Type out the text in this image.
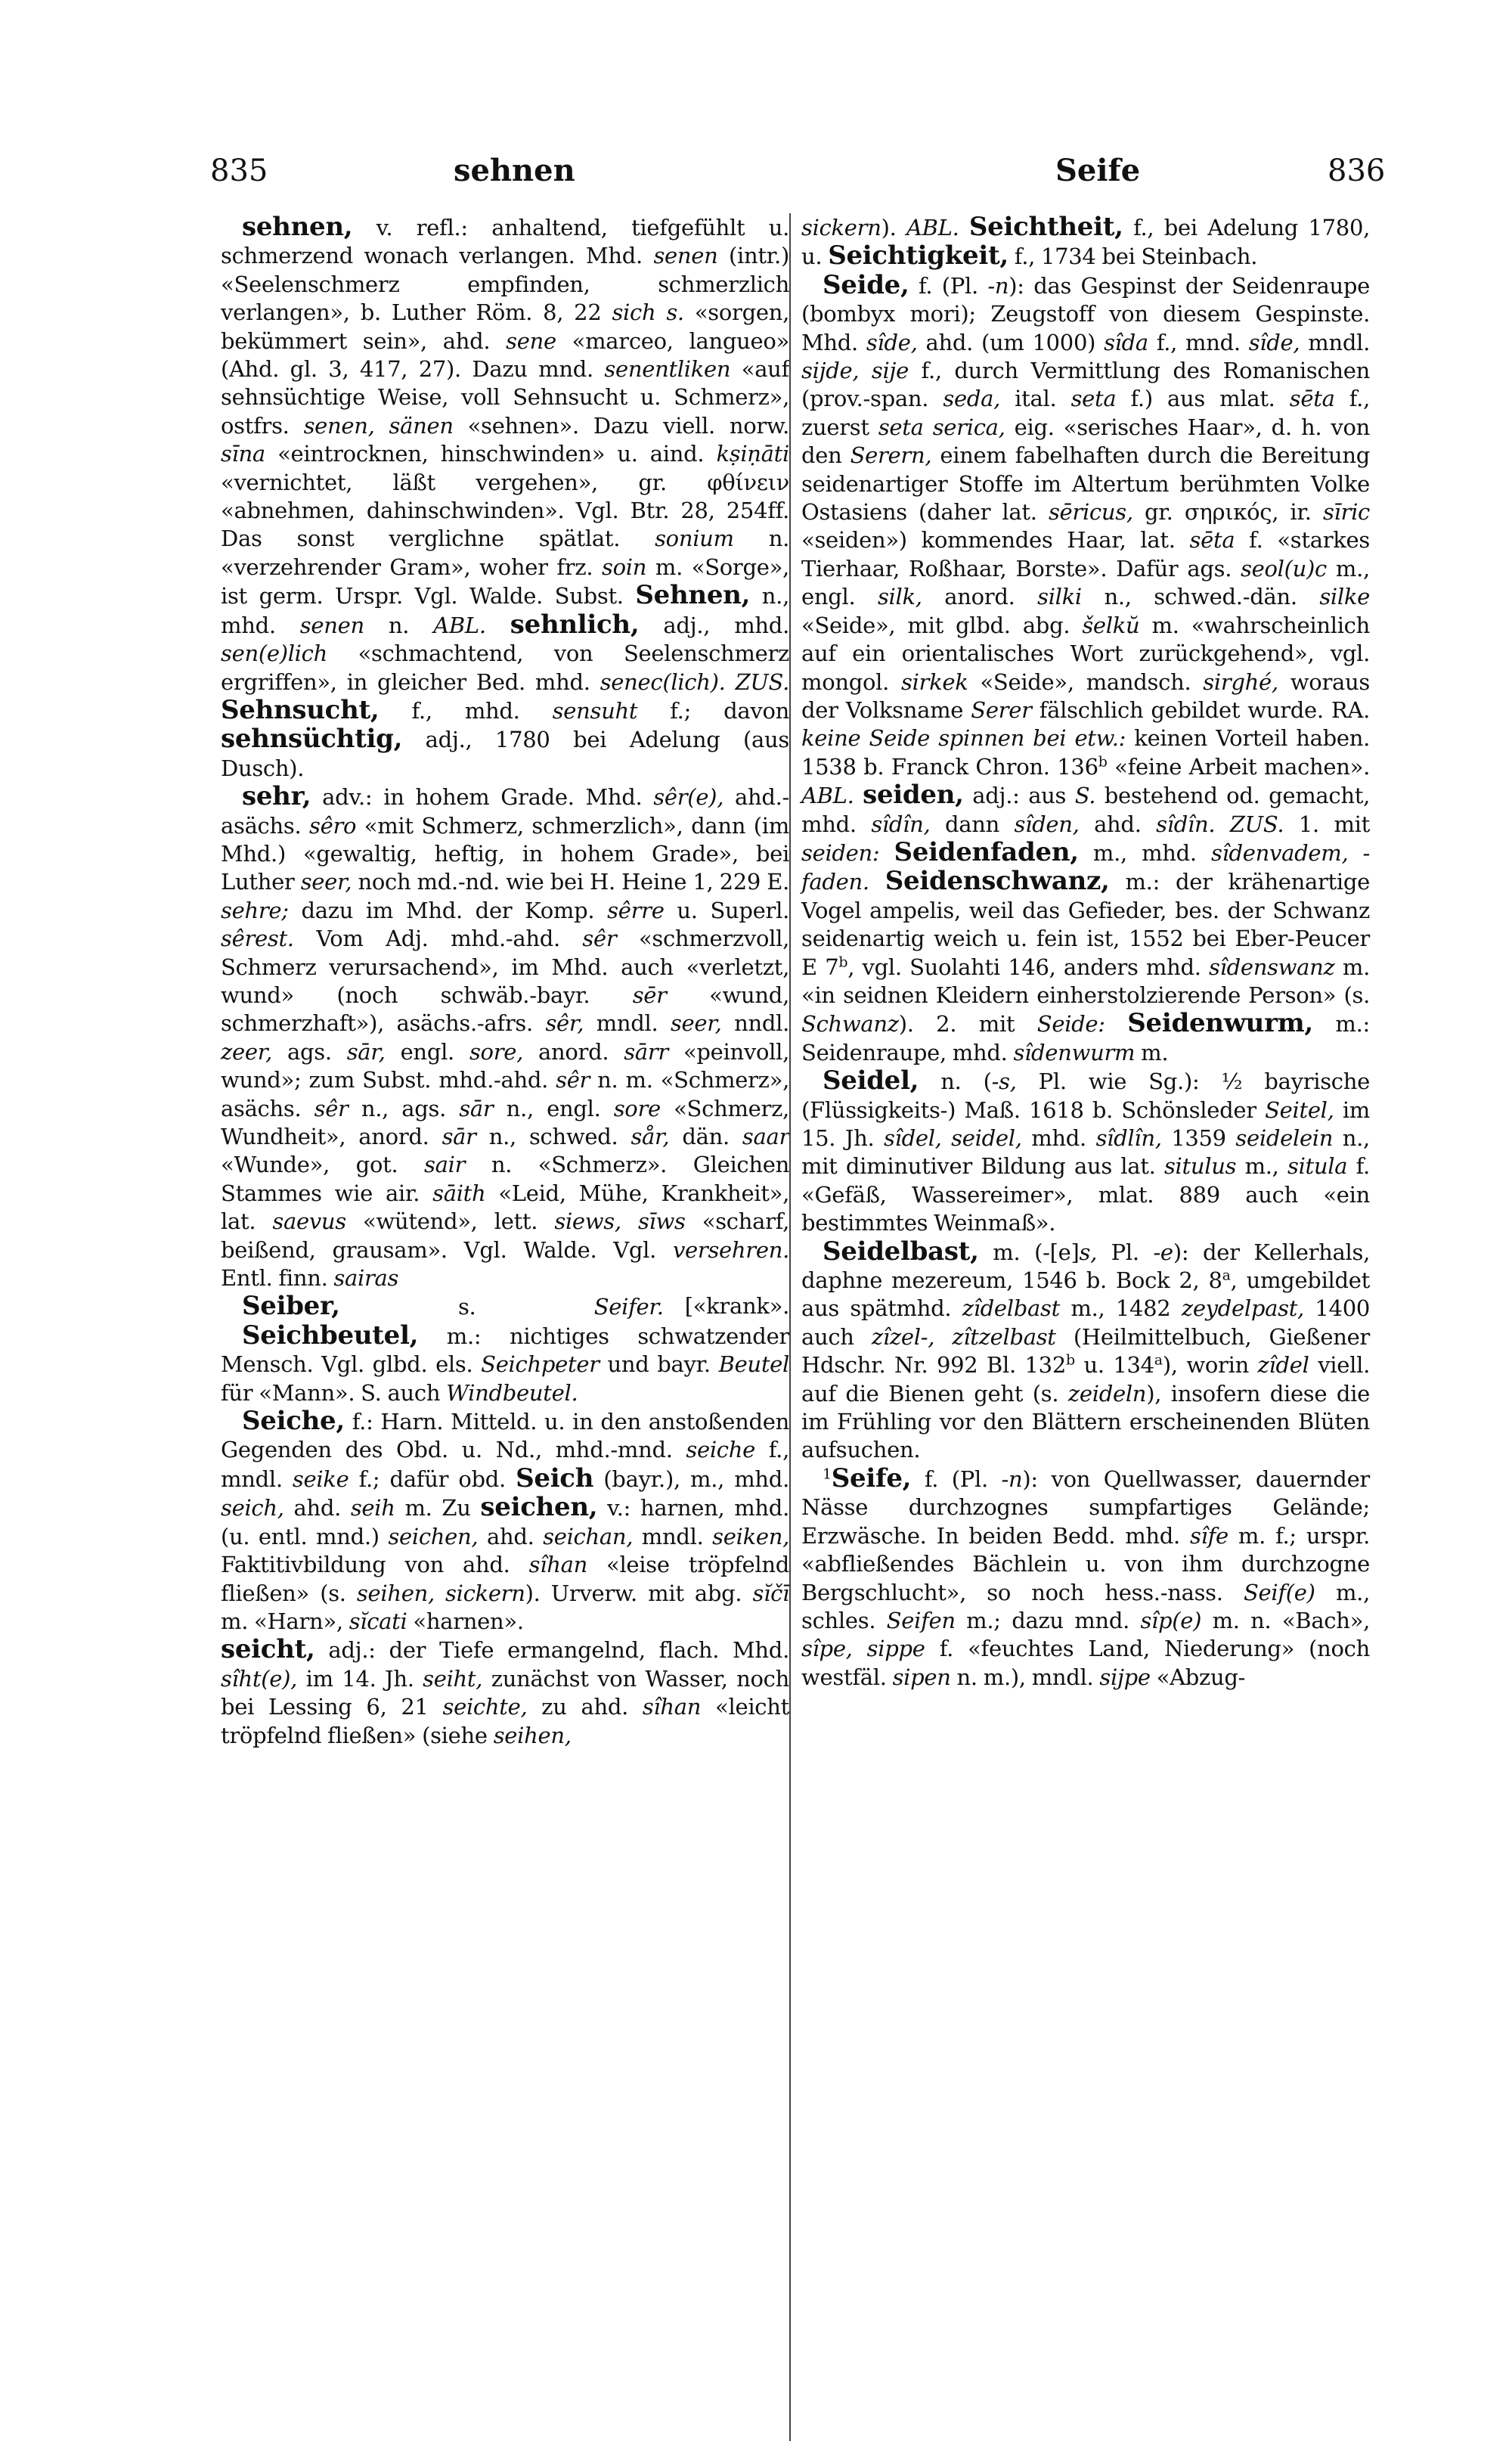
835	sehnen	Seife	836

sehnen, v. refl.: anhaltend, tiefgefühlt u. schmerzend wonach verlangen. Mhd. senen (intr.) «Seelenschmerz empfinden, schmerzlich verlangen», b. Luther Röm. 8, 22 sich s. «sorgen, bekümmert sein», ahd. sene «marceo, langueo» (Ahd. gl. 3, 417, 27). Dazu mnd. senentliken «auf sehnsüchtige Weise, voll Sehnsucht u. Schmerz», ostfrs. senen, sänen «sehnen». Dazu viell. norw. sīna «eintrocknen, hinschwinden» u. aind. kṣiṇāti «vernichtet, läßt vergehen», gr. φθίνειν «abnehmen, dahinschwinden». Vgl. Btr. 28, 254ff. Das sonst verglichne spätlat. sonium n. «verzehrender Gram», woher frz. soin m. «Sorge», ist germ. Urspr. Vgl. Walde. Subst. Sehnen, n., mhd. senen n. ABL. sehnlich, adj., mhd. sen(e)lich «schmachtend, von Seelenschmerz ergriffen», in gleicher Bed. mhd. senec(lich). ZUS. Sehnsucht, f., mhd. sensuht f.; davon sehnsüchtig, adj., 1780 bei Adelung (aus Dusch).

sehr, adv.: in hohem Grade. Mhd. sêr(e), ahd.-asächs. sêro «mit Schmerz, schmerzlich», dann (im Mhd.) «gewaltig, heftig, in hohem Grade», bei Luther seer, noch md.-nd. wie bei H. Heine 1, 229 E. sehre; dazu im Mhd. der Komp. sêrre u. Superl. sêrest. Vom Adj. mhd.-ahd. sêr «schmerzvoll, Schmerz verursachend», im Mhd. auch «verletzt, wund» (noch schwäb.-bayr. sēr «wund, schmerzhaft»), asächs.-afrs. sêr, mndl. seer, nndl. zeer, ags. sār, engl. sore, anord. sārr «peinvoll, wund»; zum Subst. mhd.-ahd. sêr n. m. «Schmerz», asächs. sêr n., ags. sār n., engl. sore «Schmerz, Wundheit», anord. sār n., schwed. sår, dän. saar «Wunde», got. sair n. «Schmerz». Gleichen Stammes wie air. sāith «Leid, Mühe, Krankheit», lat. saevus «wütend», lett. siews, sīws «scharf, beißend, grausam». Vgl. Walde. Vgl. versehren. Entl. finn. sairas

[«krank».
Seiber, s. Seifer.

Seichbeutel, m.: nichtiges schwatzender Mensch. Vgl. glbd. els. Seichpeter und bayr. Beutel für «Mann». S. auch Windbeutel.

Seiche, f.: Harn. Mitteld. u. in den anstoßenden Gegenden des Obd. u. Nd., mhd.-mnd. seiche f., mndl. seike f.; dafür obd. Seich (bayr.), m., mhd. seich, ahd. seih m. Zu seichen, v.: harnen, mhd. (u. entl. mnd.) seichen, ahd. seichan, mndl. seiken, Faktitivbildung von ahd. sîhan «leise tröpfelnd fließen» (s. seihen, sickern). Urverw. mit abg. sĭčī m. «Harn», sĭcati «harnen».

seicht, adj.: der Tiefe ermangelnd, flach. Mhd. sîht(e), im 14. Jh. seiht, zunächst von Wasser, noch bei Lessing 6, 21 seichte, zu ahd. sîhan «leicht tröpfelnd fließen» (siehe seihen,

sickern). ABL. Seichtheit, f., bei Adelung 1780, u. Seichtigkeit, f., 1734 bei Steinbach.

Seide, f. (Pl. -n): das Gespinst der Seidenraupe (bombyx mori); Zeugstoff von diesem Gespinste. Mhd. sîde, ahd. (um 1000) sîda f., mnd. sîde, mndl. sijde, sije f., durch Vermittlung des Romanischen (prov.-span. seda, ital. seta f.) aus mlat. sēta f., zuerst seta serica, eig. «serisches Haar», d. h. von den Serern, einem fabelhaften durch die Bereitung seidenartiger Stoffe im Altertum berühmten Volke Ostasiens (daher lat. sēricus, gr. σηρικός, ir. sīric «seiden») kommendes Haar, lat. sēta f. «starkes Tierhaar, Roßhaar, Borste». Dafür ags. seol(u)c m., engl. silk, anord. silki n., schwed.-dän. silke «Seide», mit glbd. abg. šelkŭ m. «wahrscheinlich auf ein orientalisches Wort zurückgehend», vgl. mongol. sirkek «Seide», mandsch. sirghé, woraus der Volksname Serer fälschlich gebildet wurde. RA. keine Seide spinnen bei etw.: keinen Vorteil haben. 1538 b. Franck Chron. 136$^b$ «feine Arbeit machen». ABL. seiden, adj.: aus S. bestehend od. gemacht, mhd. sîdîn, dann sîden, ahd. sîdîn. ZUS. 1. mit seiden: Seidenfaden, m., mhd. sîdenvadem, -faden. Seidenschwanz, m.: der krähenartige Vogel ampelis, weil das Gefieder, bes. der Schwanz seidenartig weich u. fein ist, 1552 bei Eber-Peucer E 7$^b$, vgl. Suolahti 146, anders mhd. sîdenswanz m. «in seidnen Kleidern einherstolzierende Person» (s. Schwanz). 2. mit Seide: Seidenwurm, m.: Seidenraupe, mhd. sîdenwurm m.

Seidel, n. (-s, Pl. wie Sg.): ½ bayrische (Flüssigkeits-) Maß. 1618 b. Schönsleder Seitel, im 15. Jh. sîdel, seidel, mhd. sîdlîn, 1359 seidelein n., mit diminutiver Bildung aus lat. situlus m., situla f. «Gefäß, Wassereimer», mlat. 889 auch «ein bestimmtes Weinmaß».

Seidelbast, m. (-[e]s, Pl. -e): der Kellerhals, daphne mezereum, 1546 b. Bock 2, 8$^a$, umgebildet aus spätmhd. zîdelbast m., 1482 zeydelpast, 1400 auch zîzel-, zîtzelbast (Heilmittelbuch, Gießener Hdschr. Nr. 992 Bl. 132$^b$ u. 134$^a$), worin zîdel viell. auf die Bienen geht (s. zeideln), insofern diese die im Frühling vor den Blättern erscheinenden Blüten aufsuchen.

$^1$Seife, f. (Pl. -n): von Quellwasser, dauernder Nässe durchzognes sumpfartiges Gelände; Erzwäsche. In beiden Bedd. mhd. sîfe m. f.; urspr. «abfließendes Bächlein u. von ihm durchzogne Bergschlucht», so noch hess.-nass. Seif(e) m., schles. Seifen m.; dazu mnd. sîp(e) m. n. «Bach», sîpe, sippe f. «feuchtes Land, Niederung» (noch westfäl. sipen n. m.), mndl. sijpe «Abzug-
